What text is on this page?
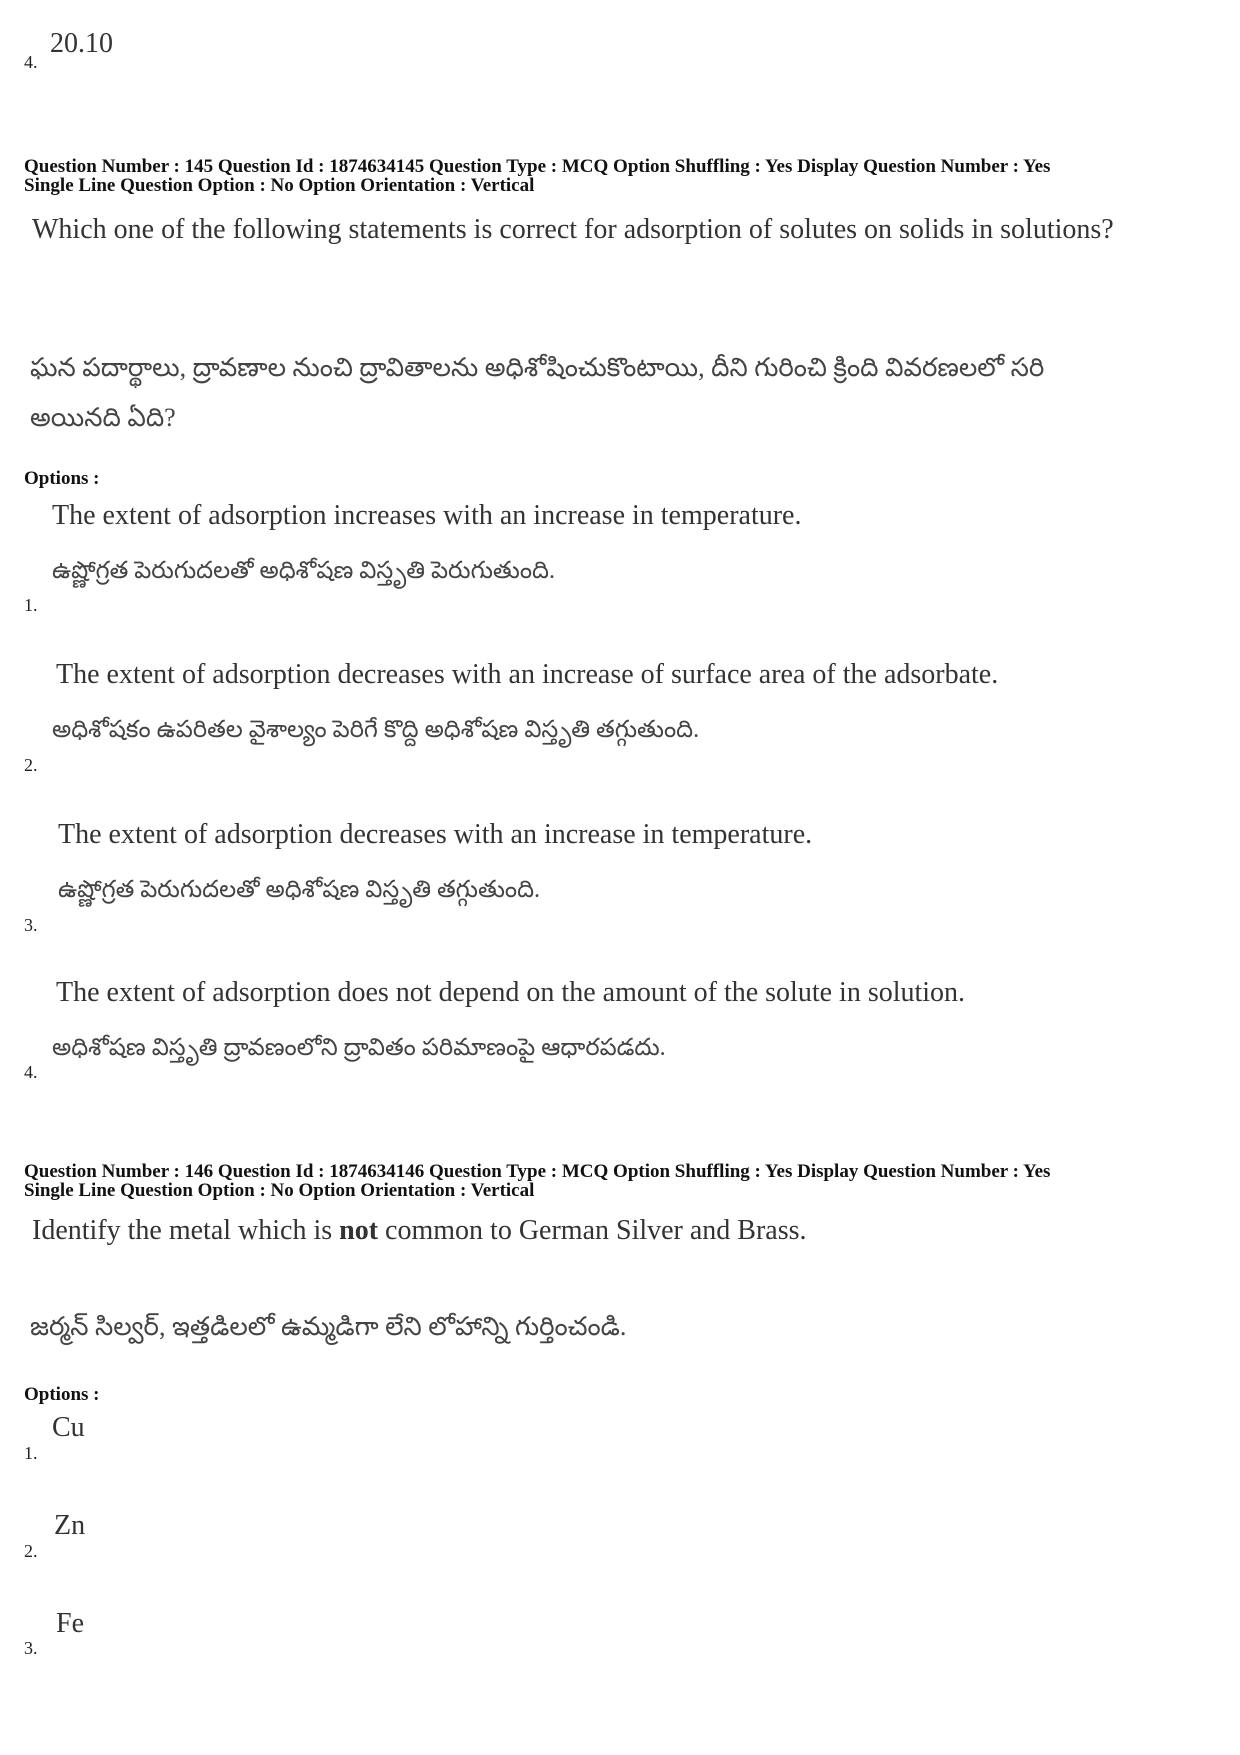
4.
20.10
Question Number : 145 Question Id : 1874634145 Question Type : MCQ Option Shuffling : Yes Display Question Number : Yes
Single Line Question Option : No Option Orientation : Vertical
Which one of the following statements is correct for adsorption of solutes on solids in solutions?
ఘన పదార్థాలు, ద్రావణాల నుంచి ద్రావితాలను అధిశోషించుకొంటాయి, దీని గురించి క్రింది వివరణలలో సరి అయినది ఏది?
Options :
The extent of adsorption increases with an increase in temperature.
ఉష్ణోగ్రత పెరుగుదలతో అధిశోషణ విస్తృతి పెరుగుతుంది.
1.
The extent of adsorption decreases with an increase of surface area of the adsorbate.
అధిశోషకం ఉపరితల వైశాల్యం పెరిగే కొద్ది అధిశోషణ విస్తృతి తగ్గుతుంది.
2.
The extent of adsorption decreases with an increase in temperature.
ఉష్ణోగ్రత పెరుగుదలతో అధిశోషణ విస్తృతి తగ్గుతుంది.
3.
The extent of adsorption does not depend on the amount of the solute in solution.
అధిశోషణ విస్తృతి ద్రావణంలోని ద్రావితం పరిమాణంపై ఆధారపడదు.
4.
Question Number : 146 Question Id : 1874634146 Question Type : MCQ Option Shuffling : Yes Display Question Number : Yes
Single Line Question Option : No Option Orientation : Vertical
Identify the metal which is not common to German Silver and Brass.
జర్మన్ సిల్వర్, ఇత్తడిలలో ఉమ్మడిగా లేని లోహాన్ని గుర్తించండి.
Options :
Cu
1.
Zn
2.
Fe
3.
